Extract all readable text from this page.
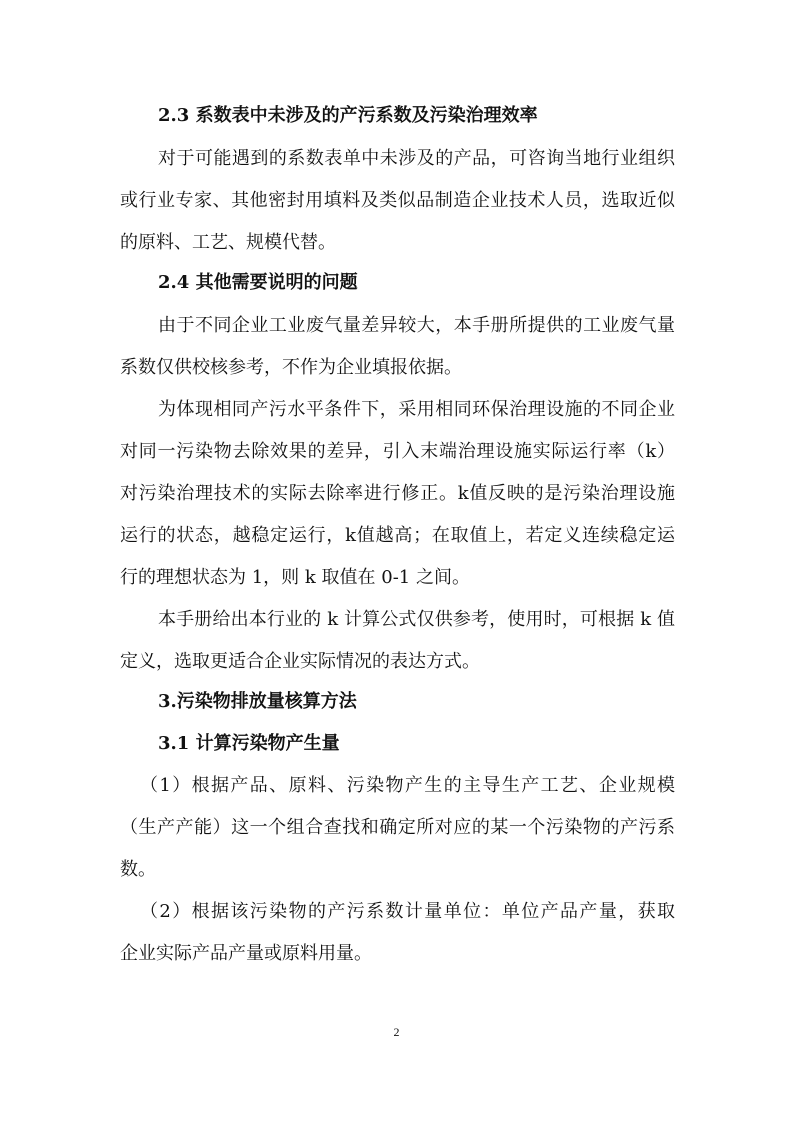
2.3 系数表中未涉及的产污系数及污染治理效率
对于可能遇到的系数表单中未涉及的产品，可咨询当地行业组织
或行业专家、其他密封用填料及类似品制造企业技术人员，选取近似
的原料、工艺、规模代替。
2.4 其他需要说明的问题
由于不同企业工业废气量差异较大，本手册所提供的工业废气量
系数仅供校核参考，不作为企业填报依据。
为体现相同产污水平条件下，采用相同环保治理设施的不同企业
对同一污染物去除效果的差异，引入末端治理设施实际运行率（k）
对污染治理技术的实际去除率进行修正。k值反映的是污染治理设施
运行的状态，越稳定运行，k值越高；在取值上，若定义连续稳定运
行的理想状态为 1，则 k 取值在 0-1 之间。
本手册给出本行业的 k 计算公式仅供参考，使用时，可根据 k 值
定义，选取更适合企业实际情况的表达方式。
3.污染物排放量核算方法
3.1 计算污染物产生量
（1）根据产品、原料、污染物产生的主导生产工艺、企业规模
（生产产能）这一个组合查找和确定所对应的某一个污染物的产污系
数。
（2）根据该污染物的产污系数计量单位：单位产品产量，获取
企业实际产品产量或原料用量。
2
